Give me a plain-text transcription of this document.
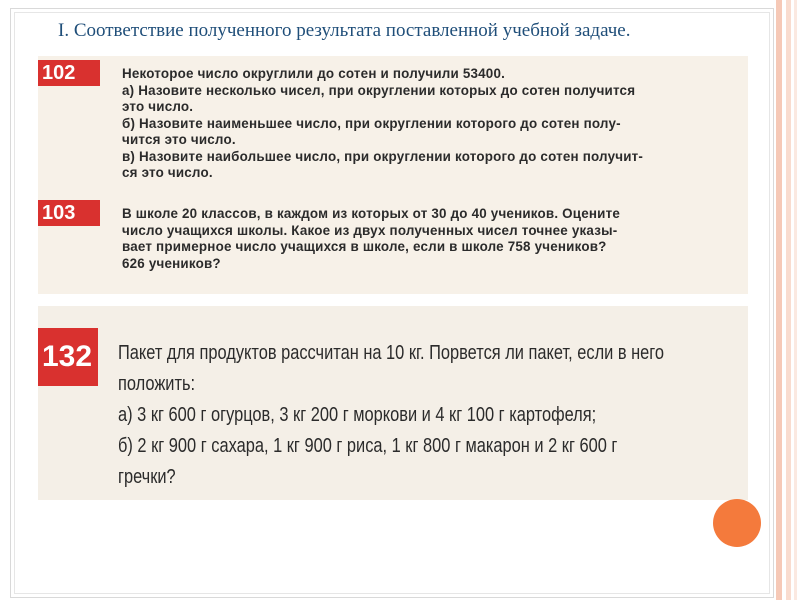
I. Соответствие полученного результата поставленной учебной задаче.
102	Некоторое число округлили до сотен и получили 53400.

а) Назовите несколько чисел, при округлении которых до сотен получится

это число.

б) Назовите наименьшее число, при округлении которого до сотен полу-

чится это число.

в) Назовите наибольшее число, при округлении которого до сотен получит-

ся это число.

103	В школе 20 классов, в каждом из которых от 30 до 40 учеников. Оцените

число учащихся школы. Какое из двух полученных чисел точнее указы-

вает примерное число учащихся в школе, если в школе 758 учеников?

626 учеников?

132 Пакет для продуктов рассчитан на 10 кг. Порвется ли пакет, если в него

положить:

а) 3 кг 600 г огурцов, 3 кг 200 г моркови и 4 кг 100 г картофеля;

б) 2 кг 900 г сахара, 1 кг 900 г риса, 1 кг 800 г макарон и 2 кг 600 г

гречки?
